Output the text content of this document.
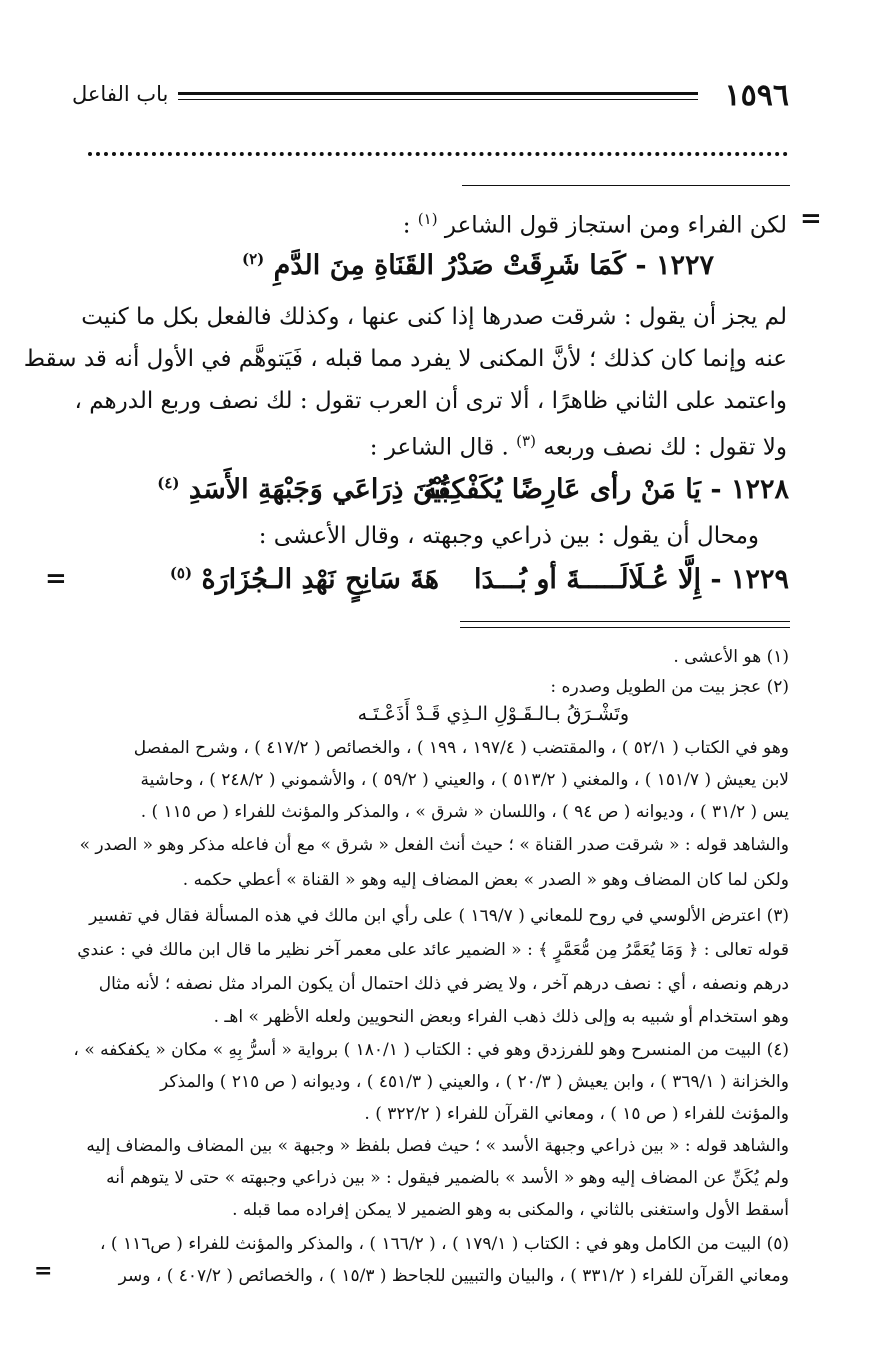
١٥٩٦
باب الفاعل
=
لكن الفراء ومن استجاز قول الشاعر $^{(١)}$ :
١٢٢٧ - كَمَا شَرِقَتْ صَدْرُ القَنَاةِ مِنَ الدَّمِ $^{(٢)}$
لم يجز أن يقول : شرقت صدرها إذا كنى عنها ، وكذلك فالفعل بكل ما كنيت
عنه وإنما كان كذلك ؛ لأنَّ المكنى لا يفرد مما قبله ، فَيَتوهَّم في الأول أنه قد سقط
واعتمد على الثاني ظاهرًا ، ألا ترى أن العرب تقول : لك نصف وربع الدرهم ،
ولا تقول : لك نصف وربعه $^{(٣)}$ . قال الشاعر :
١٢٢٨ - يَا مَنْ رأى عَارِضًا يُكَفْكِفُهُ
بَيْنَ ذِرَاعَي وَجَبْهَةِ الأَسَدِ $^{(٤)}$
ومحال أن يقول : بين ذراعي وجبهته ، وقال الأعشى :
=	١٢٢٩ - إِلَّا عُـلَالَـــــةَ أو بُـــدَا
هَةَ سَانِحٍ نَهْدِ الـجُزَارَهْ $^{(٥)}$
(١) هو الأعشى .
(٢) عجز بيت من الطويل وصدره :
وتَشْـرَقُ بـالـقَـوْلِ الـذِي قَـدْ أَذَعْـتَـه
وهو في الكتاب ( ٥٢/١ ) ، والمقتضب ( ١٩٧/٤ ، ١٩٩ ) ، والخصائص ( ٤١٧/٢ ) ، وشرح المفصل
لابن يعيش ( ١٥١/٧ ) ، والمغني ( ٥١٣/٢ ) ، والعيني ( ٥٩/٢ ) ، والأشموني ( ٢٤٨/٢ ) ، وحاشية
يس ( ٣١/٢ ) ، وديوانه ( ص ٩٤ ) ، واللسان « شرق » ، والمذكر والمؤنث للفراء ( ص ١١٥ ) .
والشاهد قوله : « شرقت صدر القناة » ؛ حيث أنث الفعل « شرق » مع أن فاعله مذكر وهو « الصدر »
ولكن لما كان المضاف وهو « الصدر » بعض المضاف إليه وهو « القناة » أعطي حكمه .
(٣) اعترض الألوسي في روح للمعاني ( ١٦٩/٧ ) على رأي ابن مالك في هذه المسألة فقال في تفسير
قوله تعالى : ﴿ وَمَا يُعَمَّرُ مِن مُّعَمَّرٍ ﴾ : « الضمير عائد على معمر آخر نظير ما قال ابن مالك في : عندي
درهم ونصفه ، أي : نصف درهم آخر ، ولا يضر في ذلك احتمال أن يكون المراد مثل نصفه ؛ لأنه مثال
وهو استخدام أو شبيه به وإلى ذلك ذهب الفراء وبعض النحويين ولعله الأظهر » اهـ .
(٤) البيت من المنسرح وهو للفرزدق وهو في : الكتاب ( ١٨٠/١ ) برواية « أسرُّ بِهِ » مكان « يكفكفه » ،
والخزانة ( ٣٦٩/١ ) ، وابن يعيش ( ٢٠/٣ ) ، والعيني ( ٤٥١/٣ ) ، وديوانه ( ص ٢١٥ ) والمذكر
والمؤنث للفراء ( ص ١٥ ) ، ومعاني القرآن للفراء ( ٣٢٢/٢ ) .
والشاهد قوله : « بين ذراعي وجبهة الأسد » ؛ حيث فصل بلفظ « وجبهة » بين المضاف والمضاف إليه
ولم يُكَنِّ عن المضاف إليه وهو « الأسد » بالضمير فيقول : « بين ذراعي وجبهته » حتى لا يتوهم أنه
أسقط الأول واستغنى بالثاني ، والمكنى به وهو الضمير لا يمكن إفراده مما قبله .
(٥) البيت من الكامل وهو في : الكتاب ( ١٧٩/١ ) ، ( ١٦٦/٢ ) ، والمذكر والمؤنث للفراء ( ص١١٦ ) ،
ومعاني القرآن للفراء ( ٣٣١/٢ ) ، والبيان والتبيين للجاحظ ( ١٥/٣ ) ، والخصائص ( ٤٠٧/٢ ) ، وسر
=
